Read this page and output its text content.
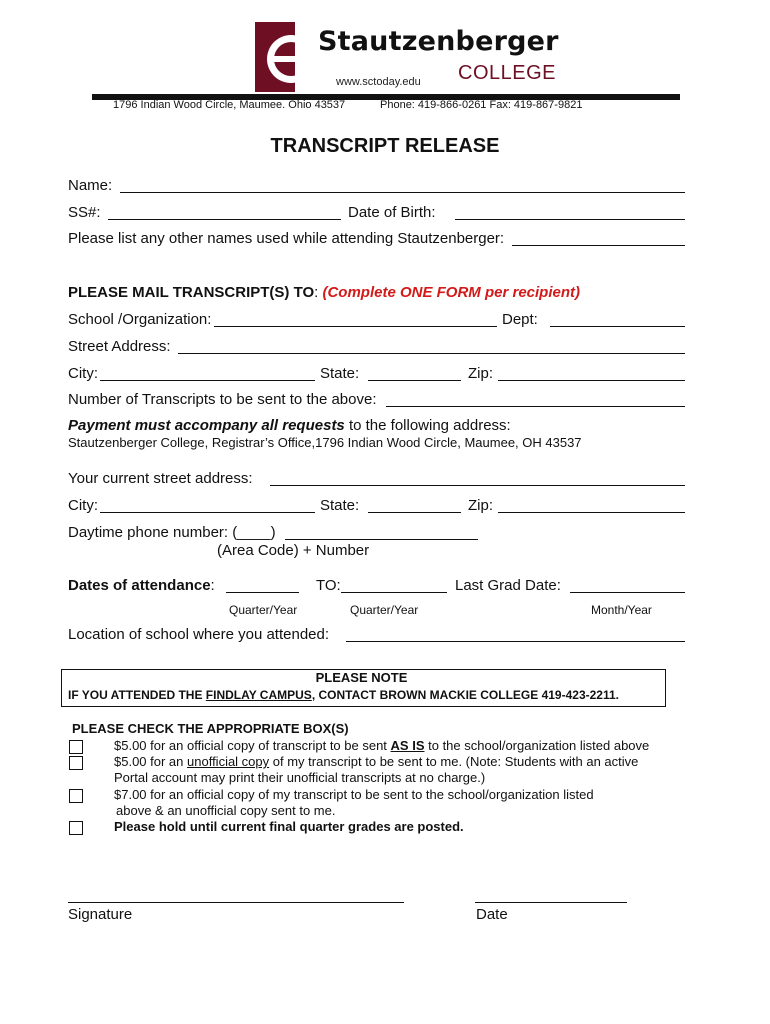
Stautzenberger
www.sctoday.edu COLLEGE
1796 Indian Wood Circle, Maumee. Ohio 43537	Phone: 419-866-0261 Fax: 419-867-9821
TRANSCRIPT RELEASE
Name:
SS#:	Date of Birth:
Please list any other names used while attending Stautzenberger:
PLEASE MAIL TRANSCRIPT(S) TO: (Complete ONE FORM per recipient)
School /Organization:	Dept:
Street Address:
City:	State:	Zip:
Number of Transcripts to be sent to the above:
Payment must accompany all requests to the following address:
Stautzenberger College, Registrar’s Office,1796 Indian Wood Circle, Maumee, OH 43537
Your current street address:
City:	State:	Zip:
Daytime phone number: (____)
(Area Code) + Number
Dates of attendance:	TO:	Last Grad Date:
Quarter/Year	Quarter/Year	Month/Year
Location of school where you attended:
PLEASE NOTE
IF YOU ATTENDED THE FINDLAY CAMPUS, CONTACT BROWN MACKIE COLLEGE 419-423-2211.
PLEASE CHECK THE APPROPRIATE BOX(S)
$5.00 for an official copy of transcript to be sent AS IS to the school/organization listed above
$5.00 for an unofficial copy of my transcript to be sent to me. (Note: Students with an active
Portal account may print their unofficial transcripts at no charge.)
$7.00 for an official copy of my transcript to be sent to the school/organization listed
above & an unofficial copy sent to me.
Please hold until current final quarter grades are posted.
Signature	Date
